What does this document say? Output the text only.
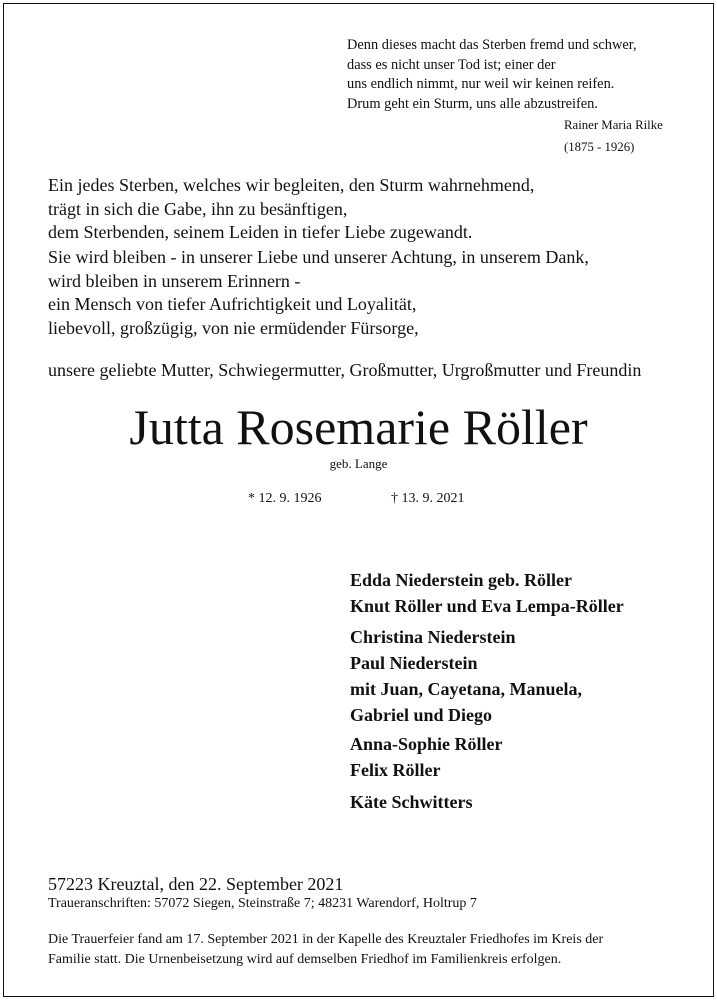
Denn dieses macht das Sterben fremd und schwer,

dass es nicht unser Tod ist; einer der

uns endlich nimmt, nur weil wir keinen reifen.

Drum geht ein Sturm, uns alle abzustreifen.

Rainer Maria Rilke
(1875 - 1926)

Ein jedes Sterben, welches wir begleiten, den Sturm wahrnehmend,

trägt in sich die Gabe, ihn zu besänftigen,

dem Sterbenden, seinem Leiden in tiefer Liebe zugewandt.

Sie wird bleiben - in unserer Liebe und unserer Achtung, in unserem Dank,

wird bleiben in unserem Erinnern -

ein Mensch von tiefer Aufrichtigkeit und Loyalität,

liebevoll, großzügig, von nie ermüdender Fürsorge,

unsere geliebte Mutter, Schwiegermutter, Großmutter, Urgroßmutter und Freundin
Jutta Rosemarie Röller
geb. Lange
* 12. 9. 1926	† 13. 9. 2021
Edda Niederstein geb. Röller
Knut Röller und Eva Lempa-Röller
Christina Niederstein
Paul Niederstein
mit Juan, Cayetana, Manuela,
Gabriel und Diego
Anna-Sophie Röller
Felix Röller
Käte Schwitters
57223 Kreuztal, den 22. September 2021
Traueranschriften: 57072 Siegen, Steinstraße 7; 48231 Warendorf, Holtrup 7

Die Trauerfeier fand am 17. September 2021 in der Kapelle des Kreuztaler Friedhofes im Kreis der

Familie statt. Die Urnenbeisetzung wird auf demselben Friedhof im Familienkreis erfolgen.
